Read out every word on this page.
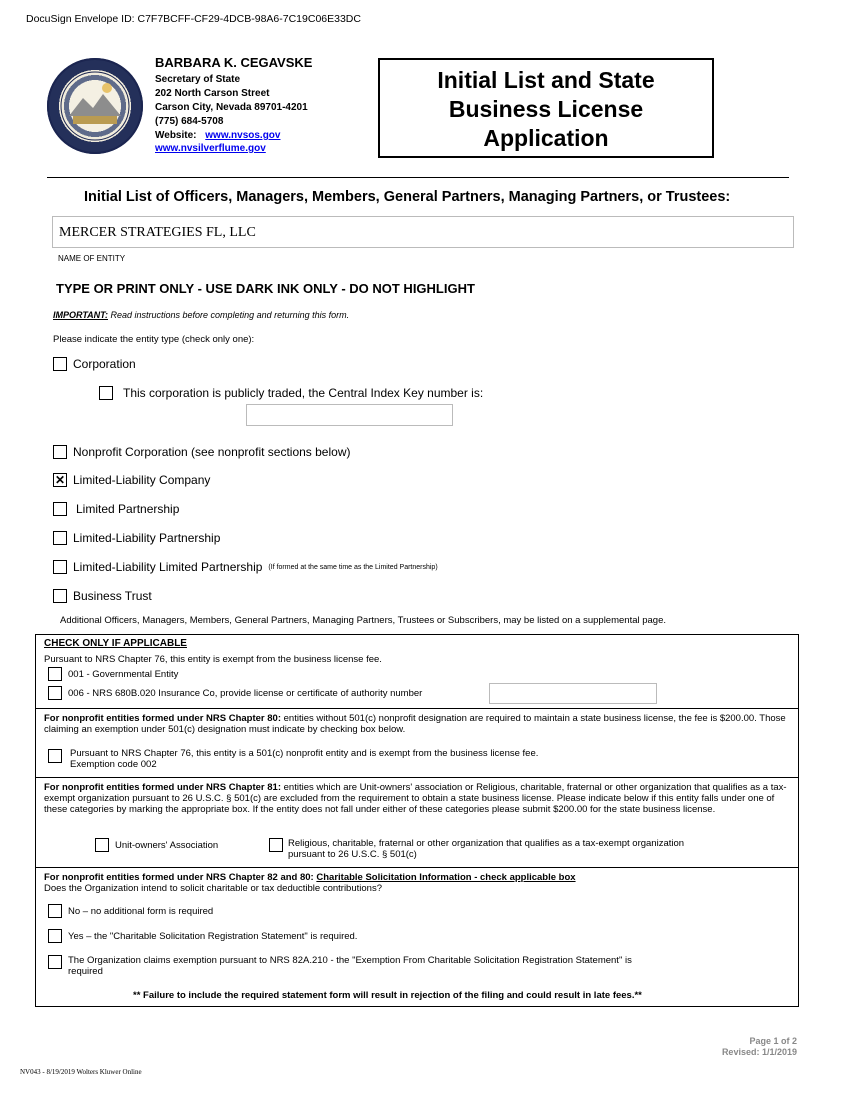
DocuSign Envelope ID: C7F7BCFF-CF29-4DCB-98A6-7C19C06E33DC
BARBARA K. CEGAVSKE
Secretary of State
202 North Carson Street
Carson City, Nevada 89701-4201
(775) 684-5708
Website: www.nvsos.gov
www.nvsilverflume.gov
Initial List and State
Business License
Application
Initial List of Officers, Managers, Members, General Partners, Managing Partners, or Trustees:
MERCER STRATEGIES FL, LLC
NAME OF ENTITY
TYPE OR PRINT ONLY - USE DARK INK ONLY - DO NOT HIGHLIGHT
IMPORTANT: Read instructions before completing and returning this form.
Please indicate the entity type (check only one):
Corporation
This corporation is publicly traded, the Central Index Key number is:
Nonprofit Corporation (see nonprofit sections below)
✕
Limited-Liability Company
Limited Partnership
Limited-Liability Partnership
Limited-Liability Limited Partnership (If formed at the same time as the Limited Partnership)
Business Trust
Additional Officers, Managers, Members, General Partners, Managing Partners, Trustees or Subscribers, may be listed on a supplemental page.
CHECK ONLY IF APPLICABLE
Pursuant to NRS Chapter 76, this entity is exempt from the business license fee.
001 - Governmental Entity
006 - NRS 680B.020 Insurance Co, provide license or certificate of authority number
For nonprofit entities formed under NRS Chapter 80: entities without 501(c) nonprofit designation are required to maintain a state business license, the fee is $200.00. Those claiming an exemption under 501(c) designation must indicate by checking box below.
Pursuant to NRS Chapter 76, this entity is a 501(c) nonprofit entity and is exempt from the business license fee.
Exemption code 002
For nonprofit entities formed under NRS Chapter 81: entities which are Unit-owners' association or Religious, charitable, fraternal or other organization that qualifies as a tax-exempt organization pursuant to 26 U.S.C. § 501(c) are excluded from the requirement to obtain a state business license. Please indicate below if this entity falls under one of these categories by marking the appropriate box. If the entity does not fall under either of these categories please submit $200.00 for the state business license.
Unit-owners' Association	Religious, charitable, fraternal or other organization that qualifies as a tax-exempt organization
pursuant to 26 U.S.C. § 501(c)
For nonprofit entities formed under NRS Chapter 82 and 80: Charitable Solicitation Information - check applicable box
Does the Organization intend to solicit charitable or tax deductible contributions?
No – no additional form is required
Yes – the "Charitable Solicitation Registration Statement" is required.
The Organization claims exemption pursuant to NRS 82A.210 - the "Exemption From Charitable Solicitation Registration Statement" is
required
** Failure to include the required statement form will result in rejection of the filing and could result in late fees.**
Page 1 of 2
Revised: 1/1/2019
NV043 - 8/19/2019 Wolters Kluwer Online
